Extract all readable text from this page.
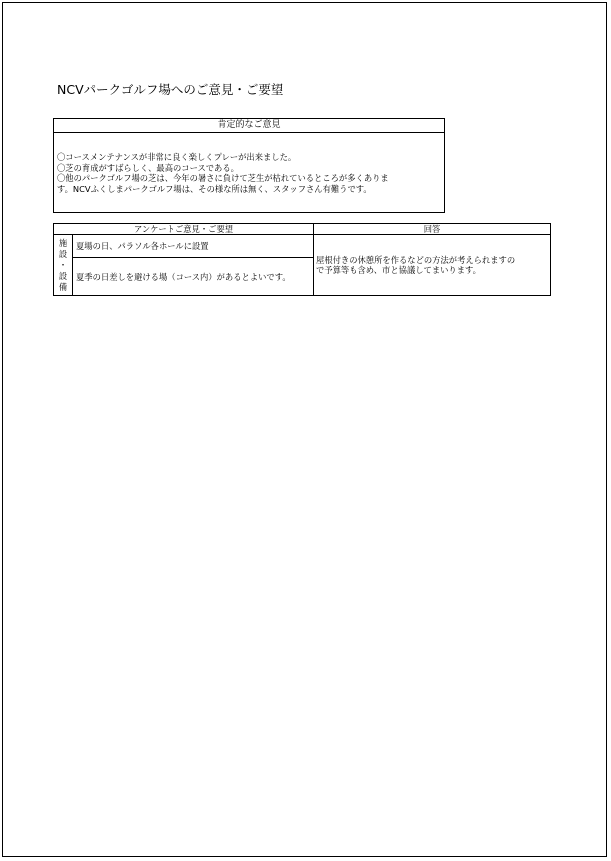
NCVパークゴルフ場へのご意見・ご要望
肯定的なご意見
〇コースメンテナンスが非常に良く楽しくプレーが出来ました。
〇芝の育成がすばらしく、最高のコースである。
〇他のパークゴルフ場の芝は、今年の暑さに負けて芝生が枯れているところが多くありま
す。NCVふくしまパークゴルフ場は、その様な所は無く、スタッフさん有難うです。
アンケートご意見・ご要望		回答

施
設
・
設
備	夏場の日、パラソル各ホールに設置	屋根付きの休憩所を作るなどの方法が考えられますの
で予算等も含め、市と協議してまいります。

	夏季の日差しを避ける場（コース内）があるとよいです。	
